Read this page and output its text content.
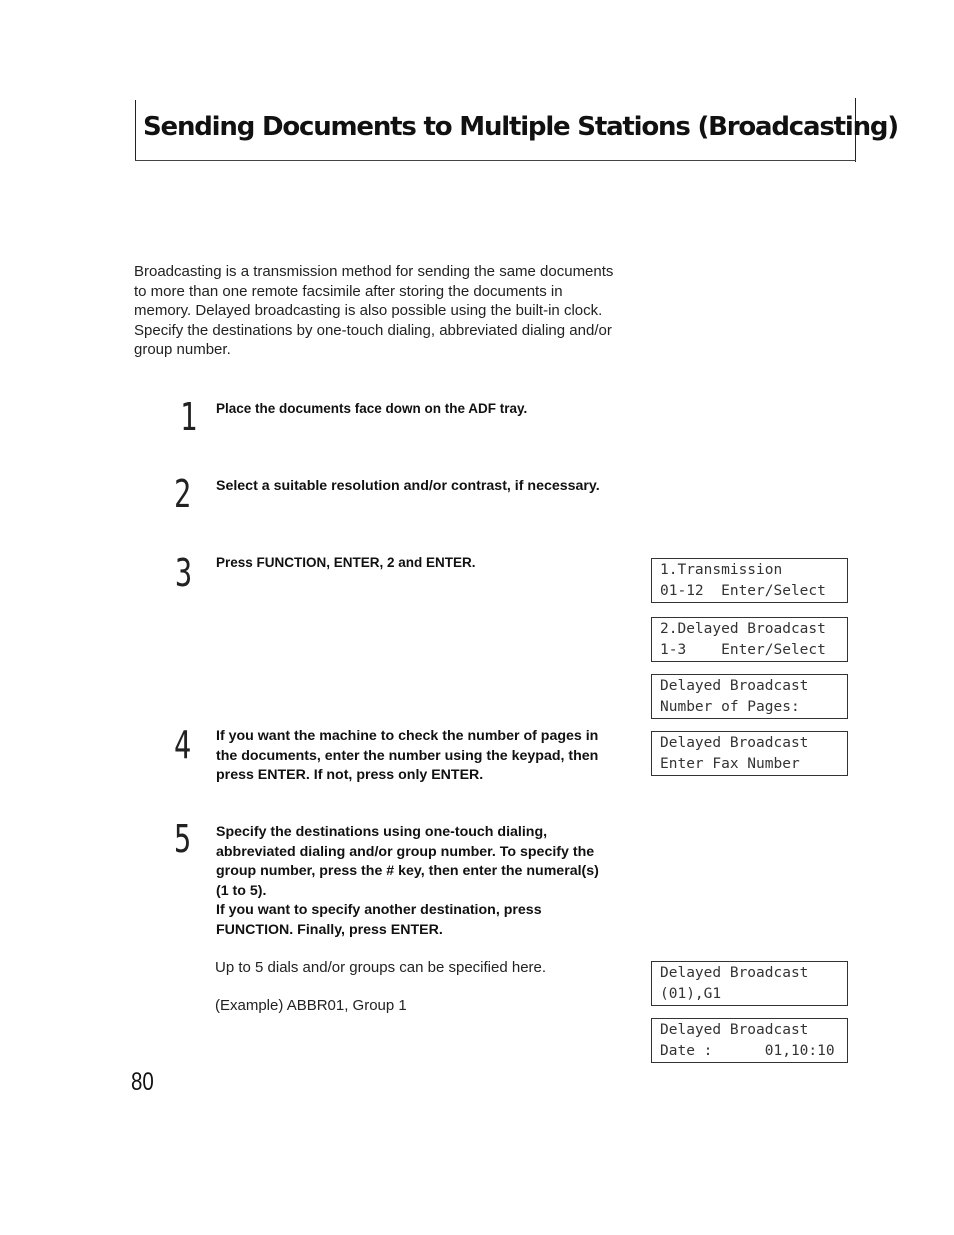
Sending Documents to Multiple Stations (Broadcasting)
Broadcasting is a transmission method for sending the same documents
to more than one remote facsimile after storing the documents in
memory. Delayed broadcasting is also possible using the built-in clock.
Specify the destinations by one-touch dialing, abbreviated dialing and/or
group number.
1 Place the documents face down on the ADF tray.
2 Select a suitable resolution and/or contrast, if necessary.
3 Press FUNCTION, ENTER, 2 and ENTER.
4 If you want the machine to check the number of pages in
the documents, enter the number using the keypad, then
press ENTER. If not, press only ENTER.
5 Specify the destinations using one-touch dialing,
abbreviated dialing and/or group number. To specify the
group number, press the # key, then enter the numeral(s)
(1 to 5).
If you want to specify another destination, press
FUNCTION. Finally, press ENTER.
Up to 5 dials and/or groups can be specified here.
(Example) ABBR01, Group 1
1.Transmission
01-12  Enter/Select
2.Delayed Broadcast
1-3    Enter/Select
Delayed Broadcast
Number of Pages:
Delayed Broadcast
Enter Fax Number
Delayed Broadcast
(01),G1
Delayed Broadcast
Date :      01,10:10
80
